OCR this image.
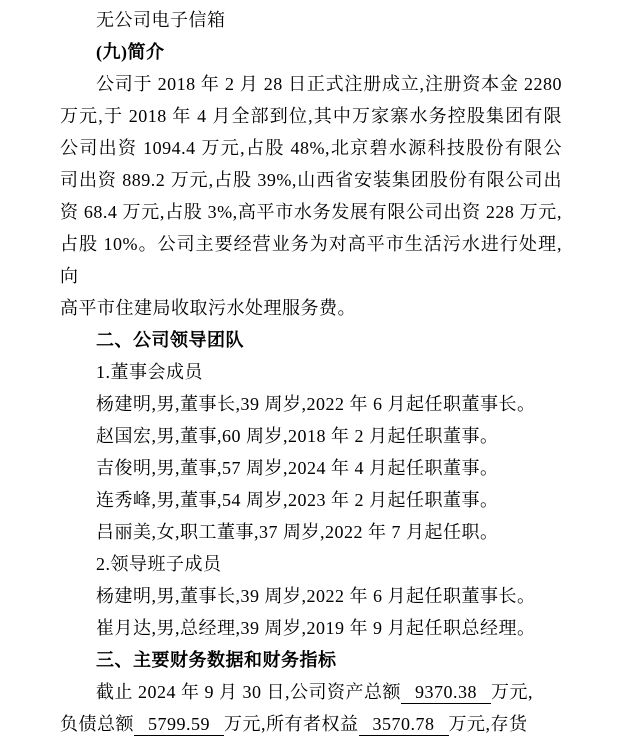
无公司电子信箱
(九)简介
公司于 2018 年 2 月 28 日正式注册成立,注册资本金 2280
万元,于 2018 年 4 月全部到位,其中万家寨水务控股集团有限
公司出资 1094.4 万元,占股 48%,北京碧水源科技股份有限公
司出资 889.2 万元,占股 39%,山西省安装集团股份有限公司出
资 68.4 万元,占股 3%,高平市水务发展有限公司出资 228 万元,
占股 10%。公司主要经营业务为对高平市生活污水进行处理,向
高平市住建局收取污水处理服务费。
二、公司领导团队
1.董事会成员
杨建明,男,董事长,39 周岁,2022 年 6 月起任职董事长。
赵国宏,男,董事,60 周岁,2018 年 2 月起任职董事。
吉俊明,男,董事,57 周岁,2024 年 4 月起任职董事。
连秀峰,男,董事,54 周岁,2023 年 2 月起任职董事。
吕丽美,女,职工董事,37 周岁,2022 年 7 月起任职。
2.领导班子成员
杨建明,男,董事长,39 周岁,2022 年 6 月起任职董事长。
崔月达,男,总经理,39 周岁,2019 年 9 月起任职总经理。
三、主要财务数据和财务指标
截止 2024 年 9 月 30 日,公司资产总额 9370.38 万元,
负债总额 5799.59 万元,所有者权益 3570.78 万元,存货
